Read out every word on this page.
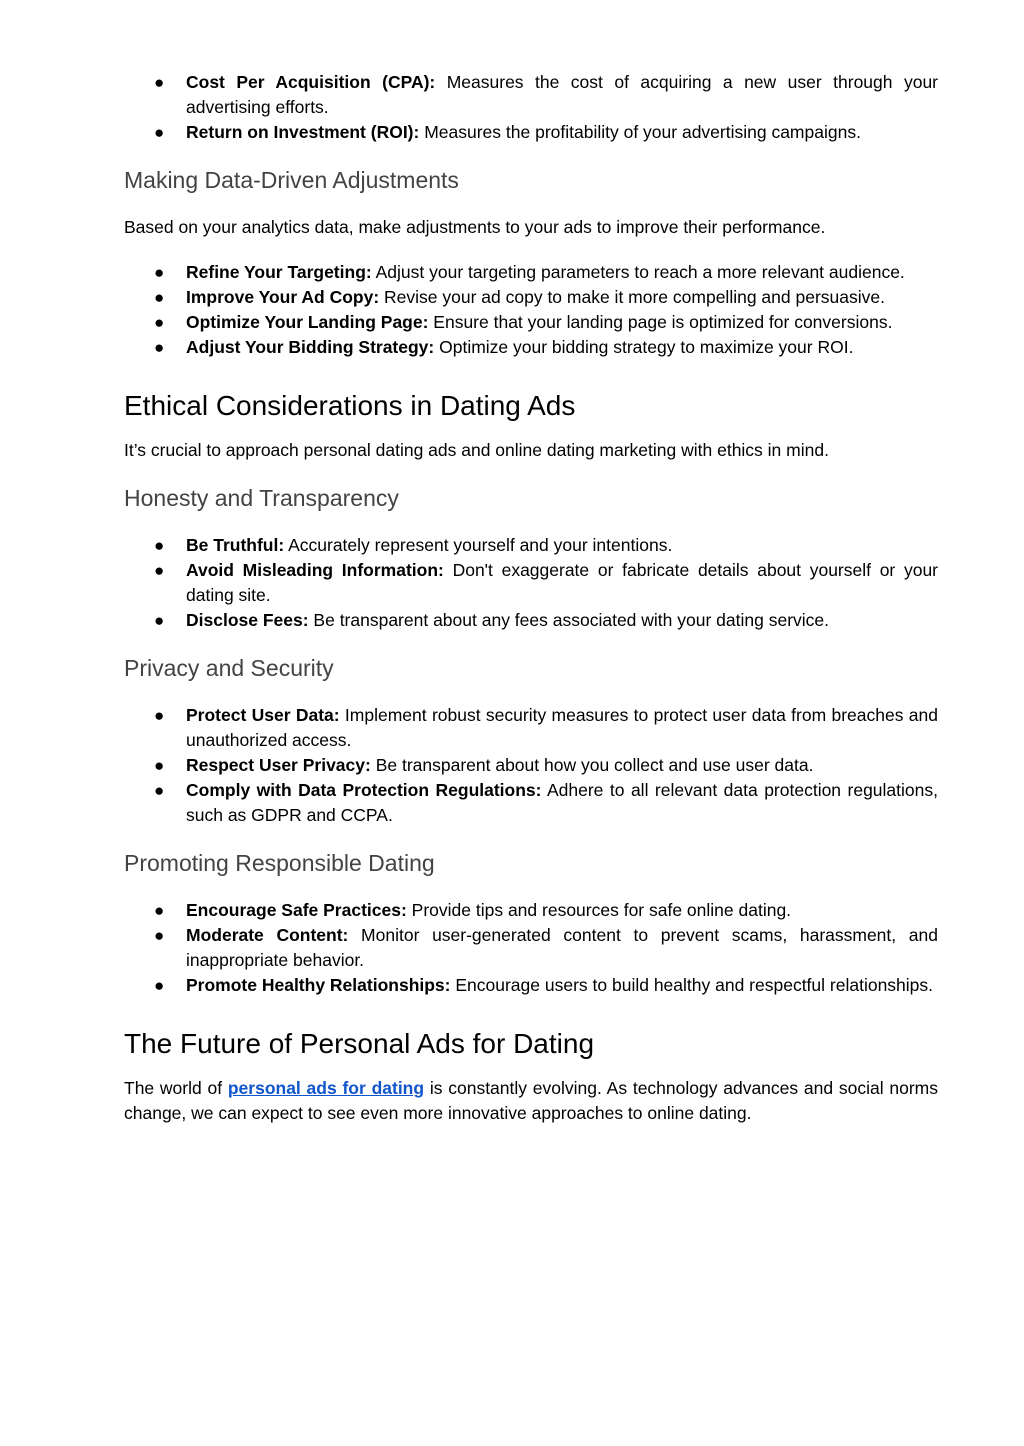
● Cost Per Acquisition (CPA): Measures the cost of acquiring a new user through your advertising efforts.
● Return on Investment (ROI): Measures the profitability of your advertising campaigns.
Making Data-Driven Adjustments

Based on your analytics data, make adjustments to your ads to improve their performance.

● Refine Your Targeting: Adjust your targeting parameters to reach a more relevant audience.
● Improve Your Ad Copy: Revise your ad copy to make it more compelling and persuasive.
● Optimize Your Landing Page: Ensure that your landing page is optimized for conversions.
● Adjust Your Bidding Strategy: Optimize your bidding strategy to maximize your ROI.
Ethical Considerations in Dating Ads

It’s crucial to approach personal dating ads and online dating marketing with ethics in mind.

Honesty and Transparency
● Be Truthful: Accurately represent yourself and your intentions.
● Avoid Misleading Information: Don't exaggerate or fabricate details about yourself or your dating site.
● Disclose Fees: Be transparent about any fees associated with your dating service.
Privacy and Security
● Protect User Data: Implement robust security measures to protect user data from breaches and unauthorized access.
● Respect User Privacy: Be transparent about how you collect and use user data.
● Comply with Data Protection Regulations: Adhere to all relevant data protection regulations, such as GDPR and CCPA.
Promoting Responsible Dating
● Encourage Safe Practices: Provide tips and resources for safe online dating.
● Moderate Content: Monitor user-generated content to prevent scams, harassment, and inappropriate behavior.
● Promote Healthy Relationships: Encourage users to build healthy and respectful relationships.
The Future of Personal Ads for Dating

The world of personal ads for dating is constantly evolving. As technology advances and social norms change, we can expect to see even more innovative approaches to online dating.
